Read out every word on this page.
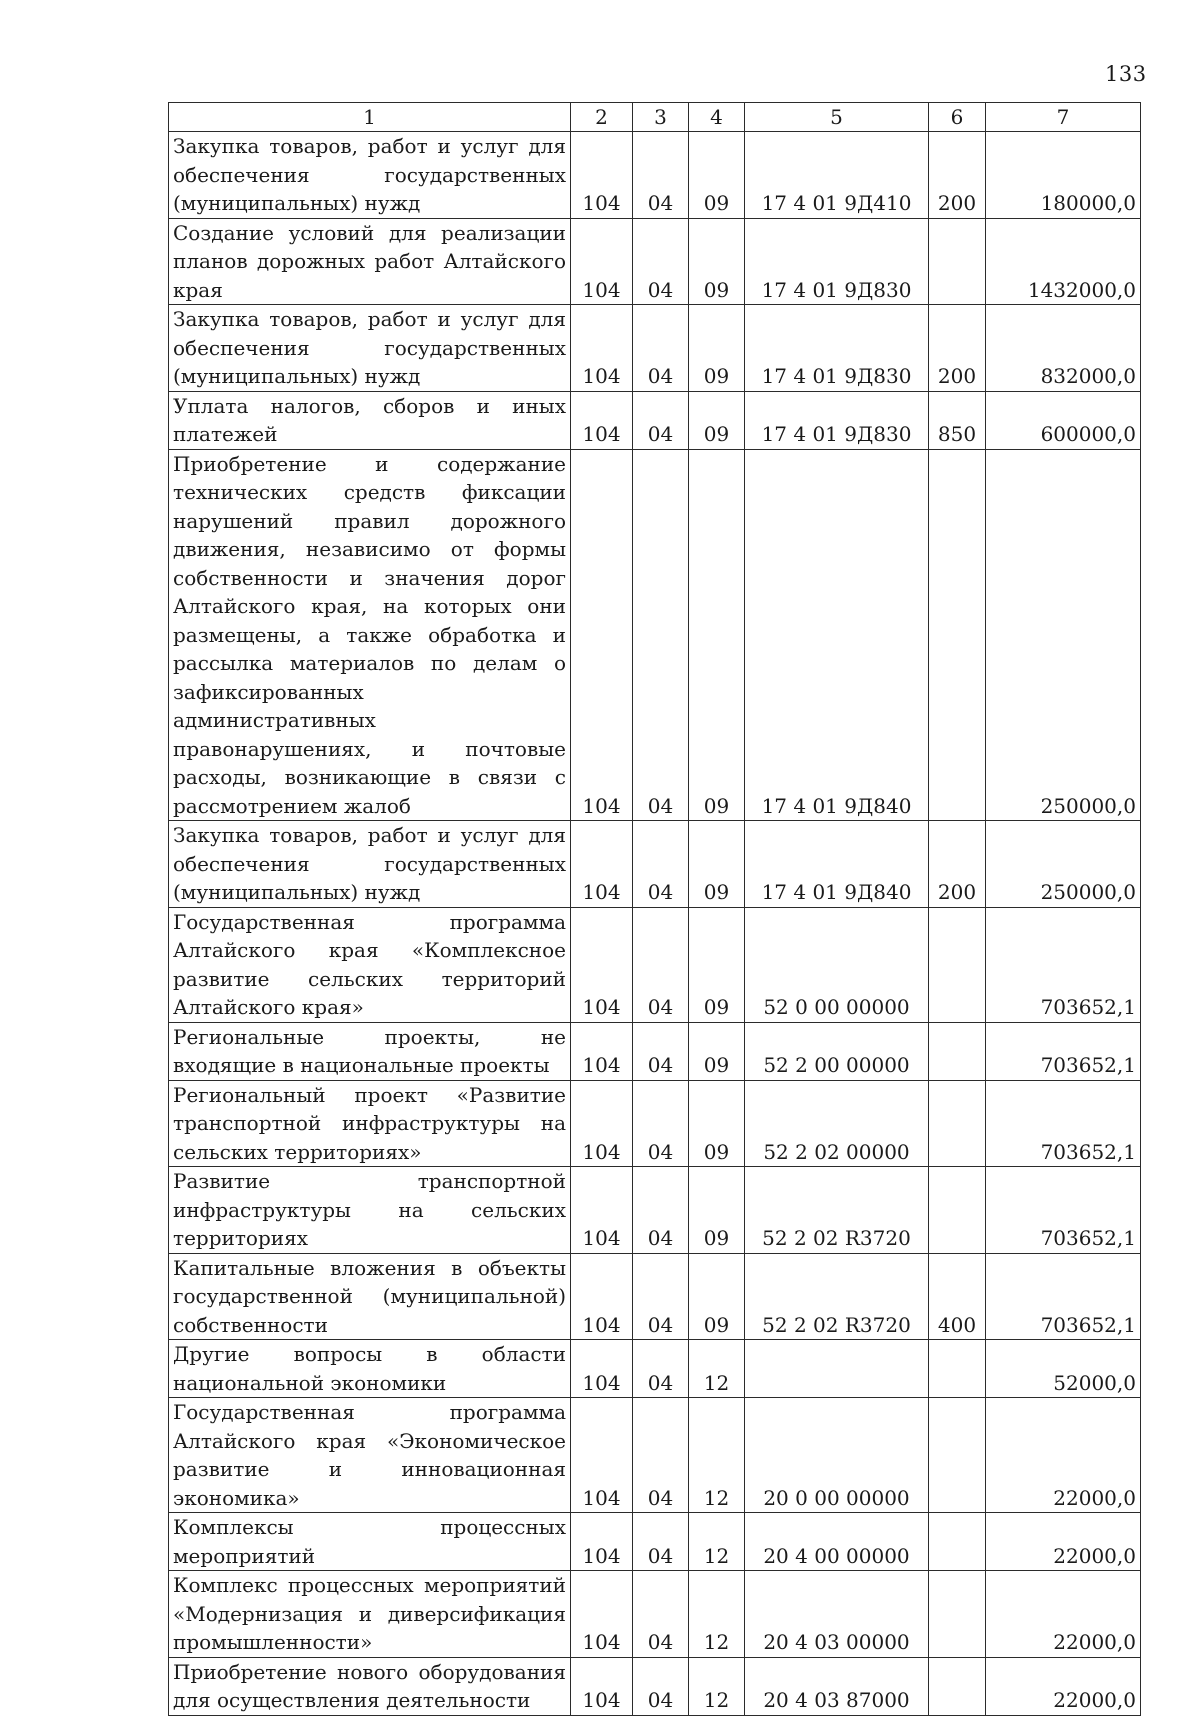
133
1	2	3	4	5	6	7
Закупка товаров, работ и услуг для обеспечения государственных (муниципальных) нужд	104	04	09	17 4 01 9Д410	200	180000,0
Создание условий для реализации планов дорожных работ Алтайского края	104	04	09	17 4 01 9Д830		1432000,0
Закупка товаров, работ и услуг для обеспечения государственных (муниципальных) нужд	104	04	09	17 4 01 9Д830	200	832000,0
Уплата налогов, сборов и иных платежей	104	04	09	17 4 01 9Д830	850	600000,0
Приобретение и содержание технических средств фиксации нарушений правил дорожного движения, независимо от формы собственности и значения дорог Алтайского края, на которых они размещены, а также обработка и рассылка материалов по делам о зафиксированных административных правонарушениях, и почтовые расходы, возникающие в связи с рассмотрением жалоб	104	04	09	17 4 01 9Д840		250000,0
Закупка товаров, работ и услуг для обеспечения государственных (муниципальных) нужд	104	04	09	17 4 01 9Д840	200	250000,0
Государственная программа Алтайского края «Комплексное развитие сельских территорий Алтайского края»	104	04	09	52 0 00 00000		703652,1
Региональные проекты, не входящие в национальные проекты	104	04	09	52 2 00 00000		703652,1
Региональный проект «Развитие транспортной инфраструктуры на сельских территориях»	104	04	09	52 2 02 00000		703652,1
Развитие транспортной инфраструктуры на сельских территориях	104	04	09	52 2 02 R3720		703652,1
Капитальные вложения в объекты государственной (муниципальной) собственности	104	04	09	52 2 02 R3720	400	703652,1
Другие вопросы в области национальной экономики	104	04	12			52000,0
Государственная программа Алтайского края «Экономическое развитие и инновационная экономика»	104	04	12	20 0 00 00000		22000,0
Комплексы процессных мероприятий	104	04	12	20 4 00 00000		22000,0
Комплекс процессных мероприятий «Модернизация и диверсификация промышленности»	104	04	12	20 4 03 00000		22000,0
Приобретение нового оборудования для осуществления деятельности	104	04	12	20 4 03 87000		22000,0
